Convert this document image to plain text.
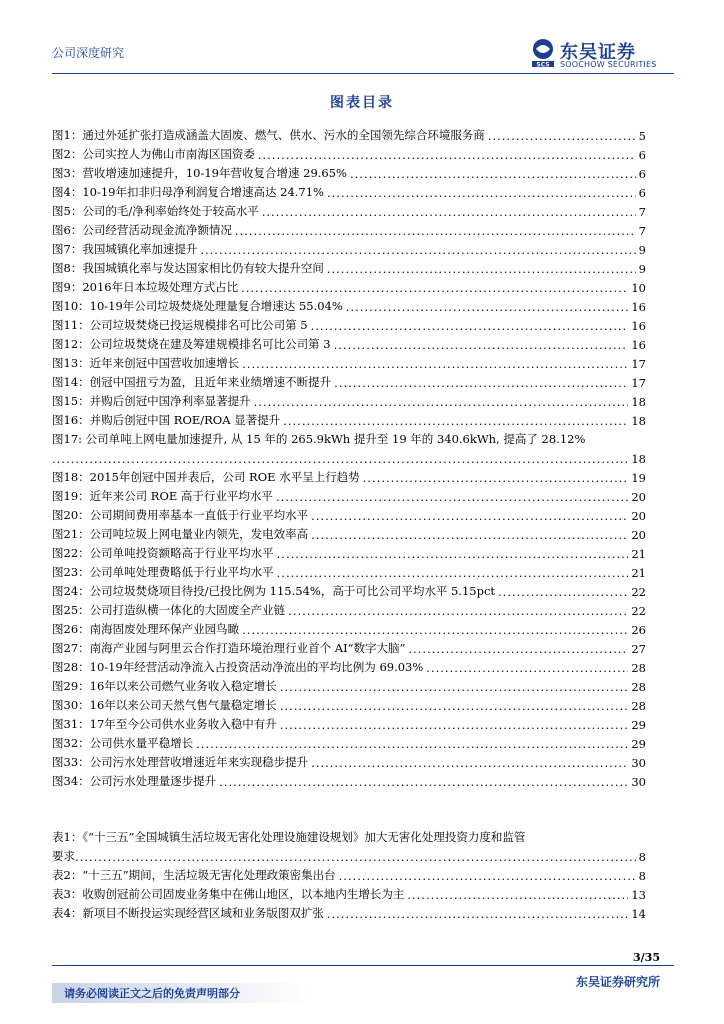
公司深度研究
SCS
东吴证券
SOOCHOW SECURITIES
图表目录
图1：通过外延扩张打造成涵盖大固废、燃气、供水、污水的全国领先综合环境服务商 .....	5
图2：公司实控人为佛山市南海区国资委 .....	6
图3：营收增速加速提升，10-19年营收复合增速 29.65% .....	6
图4：10-19年扣非归母净利润复合增速高达 24.71% .....	6
图5：公司的毛/净利率始终处于较高水平 .....	7
图6：公司经营活动现金流净额情况 .....	7
图7：我国城镇化率加速提升 .....	9
图8：我国城镇化率与发达国家相比仍有较大提升空间 .....	9
图9：2016年日本垃圾处理方式占比 .....	10
图10：10-19年公司垃圾焚烧处理量复合增速达 55.04% .....	16
图11：公司垃圾焚烧已投运规模排名可比公司第 5 .....	16
图12：公司垃圾焚烧在建及筹建规模排名可比公司第 3 .....	16
图13：近年来创冠中国营收加速增长 .....	17
图14：创冠中国扭亏为盈，且近年来业绩增速不断提升 .....	17
图15：并购后创冠中国净利率显著提升 .....	18
图16：并购后创冠中国 ROE/ROA 显著提升 .....	18
图17: 公司单吨上网电量加速提升, 从 15 年的 265.9kWh 提升至 19 年的 340.6kWh, 提高了 28.12%
.....
18
图18：2015年创冠中国并表后，公司 ROE 水平呈上行趋势 .....	19
图19：近年来公司 ROE 高于行业平均水平 .....	20
图20：公司期间费用率基本一直低于行业平均水平 .....	20
图21：公司吨垃圾上网电量业内领先，发电效率高 .....	20
图22：公司单吨投资额略高于行业平均水平 .....	21
图23：公司单吨处理费略低于行业平均水平 .....	21
图24：公司垃圾焚烧项目待投/已投比例为 115.54%，高于可比公司平均水平 5.15pct .....	22
图25：公司打造纵横一体化的大固废全产业链 .....	22
图26：南海固废处理环保产业园鸟瞰 .....	26
图27：南海产业园与阿里云合作打造环境治理行业首个 AI“数字大脑” .....	27
图28：10-19年经营活动净流入占投资活动净流出的平均比例为 69.03% .....	28
图29：16年以来公司燃气业务收入稳定增长 .....	28
图30：16年以来公司天然气售气量稳定增长 .....	28
图31：17年至今公司供水业务收入稳中有升 .....	29
图32：公司供水量平稳增长 .....	29
图33：公司污水处理营收增速近年来实现稳步提升 .....	30
图34：公司污水处理量逐步提升 .....	30
表1：《“十三五”全国城镇生活垃圾无害化处理设施建设规划》加大无害化处理投资力度和监管
要求 .....	8
表2：“十三五”期间，生活垃圾无害化处理政策密集出台 .....	8
表3：收购创冠前公司固废业务集中在佛山地区，以本地内生增长为主 .....	13
表4：新项目不断投运实现经营区域和业务版图双扩张 .....	14
3/35
请务必阅读正文之后的免责声明部分
东吴证券研究所
